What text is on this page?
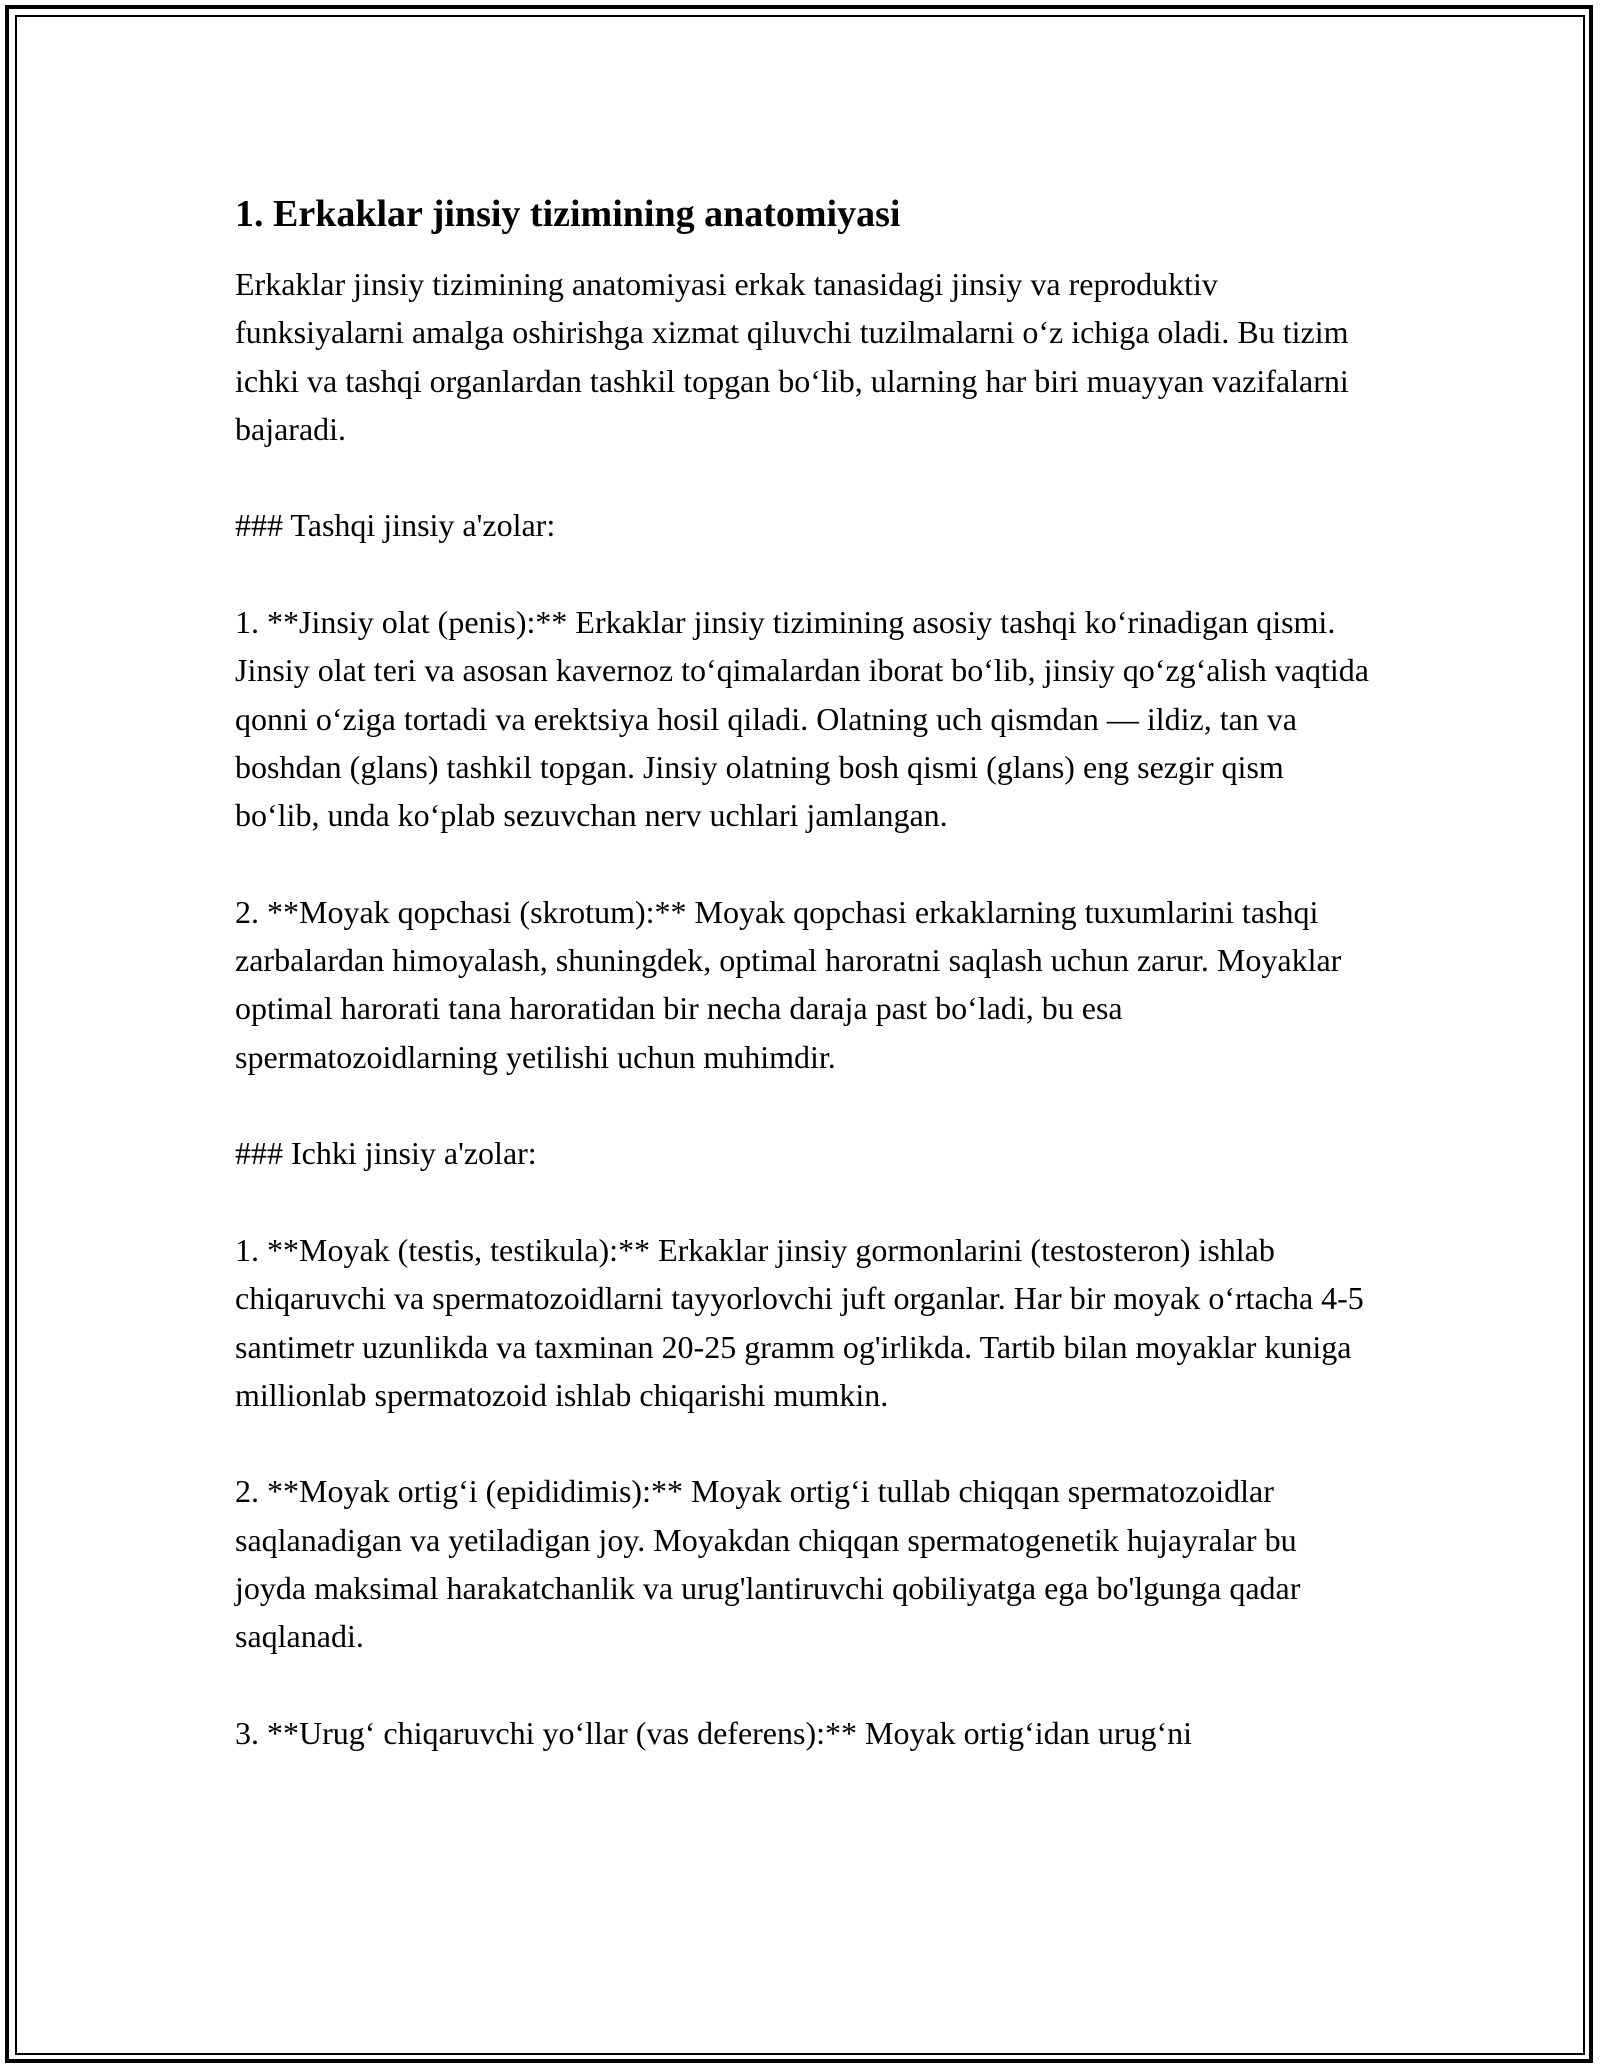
1. Erkaklar jinsiy tizimining anatomiyasi

Erkaklar jinsiy tizimining anatomiyasi erkak tanasidagi jinsiy va reproduktiv funksiyalarni amalga oshirishga xizmat qiluvchi tuzilmalarni o‘z ichiga oladi. Bu tizim ichki va tashqi organlardan tashkil topgan bo‘lib, ularning har biri muayyan vazifalarni bajaradi.

### Tashqi jinsiy a'zolar:

1. **Jinsiy olat (penis):** Erkaklar jinsiy tizimining asosiy tashqi ko‘rinadigan qismi. Jinsiy olat teri va asosan kavernoz to‘qimalardan iborat bo‘lib, jinsiy qo‘zg‘alish vaqtida qonni o‘ziga tortadi va erektsiya hosil qiladi. Olatning uch qismdan — ildiz, tan va boshdan (glans) tashkil topgan. Jinsiy olatning bosh qismi (glans) eng sezgir qism bo‘lib, unda ko‘plab sezuvchan nerv uchlari jamlangan.

2. **Moyak qopchasi (skrotum):** Moyak qopchasi erkaklarning tuxumlarini tashqi zarbalardan himoyalash, shuningdek, optimal haroratni saqlash uchun zarur. Moyaklar optimal harorati tana haroratidan bir necha daraja past bo‘ladi, bu esa spermatozoidlarning yetilishi uchun muhimdir.

### Ichki jinsiy a'zolar:

1. **Moyak (testis, testikula):** Erkaklar jinsiy gormonlarini (testosteron) ishlab chiqaruvchi va spermatozoidlarni tayyorlovchi juft organlar. Har bir moyak o‘rtacha 4-5 santimetr uzunlikda va taxminan 20-25 gramm og'irlikda. Tartib bilan moyaklar kuniga millionlab spermatozoid ishlab chiqarishi mumkin.

2. **Moyak ortig‘i (epididimis):** Moyak ortig‘i tullab chiqqan spermatozoidlar saqlanadigan va yetiladigan joy. Moyakdan chiqqan spermatogenetik hujayralar bu joyda maksimal harakatchanlik va urug'lantiruvchi qobiliyatga ega bo'lgunga qadar saqlanadi.

3. **Urug‘ chiqaruvchi yo‘llar (vas deferens):** Moyak ortig‘idan urug‘ni
